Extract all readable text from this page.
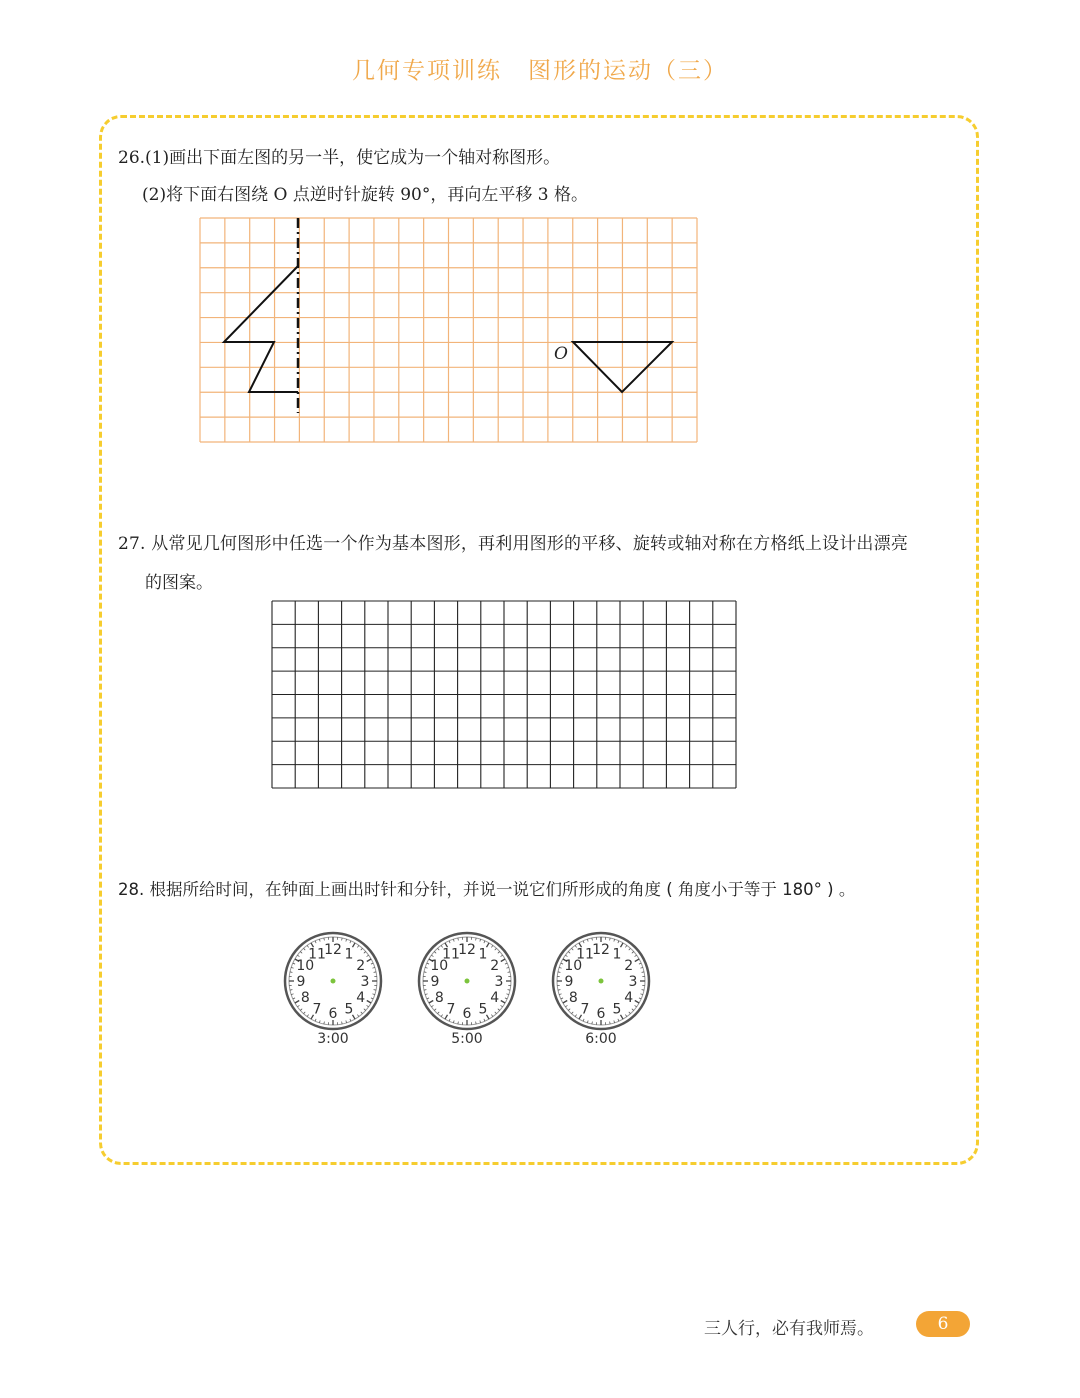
几何专项训练 图形的运动（三）
26.(1)画出下面左图的另一半，使它成为一个轴对称图形。
(2)将下面右图绕 O 点逆时针旋转 90°，再向左平移 3 格。
O
27. 从常见几何图形中任选一个作为基本图形，再利用图形的平移、旋转或轴对称在方格纸上设计出漂亮
的图案。
28. 根据所给时间，在钟面上画出时针和分针，并说一说它们所形成的角度 ( 角度小于等于 180° ) 。
12 1
2
3
4
5
6
7
8
9
10
11
3:00
12 1
2
3
4
5
6
7
8
9
10
11
5:00
12 1
2
3
4
5
6
7
8
9
10
11
6:00
三人行，必有我师焉。	6
